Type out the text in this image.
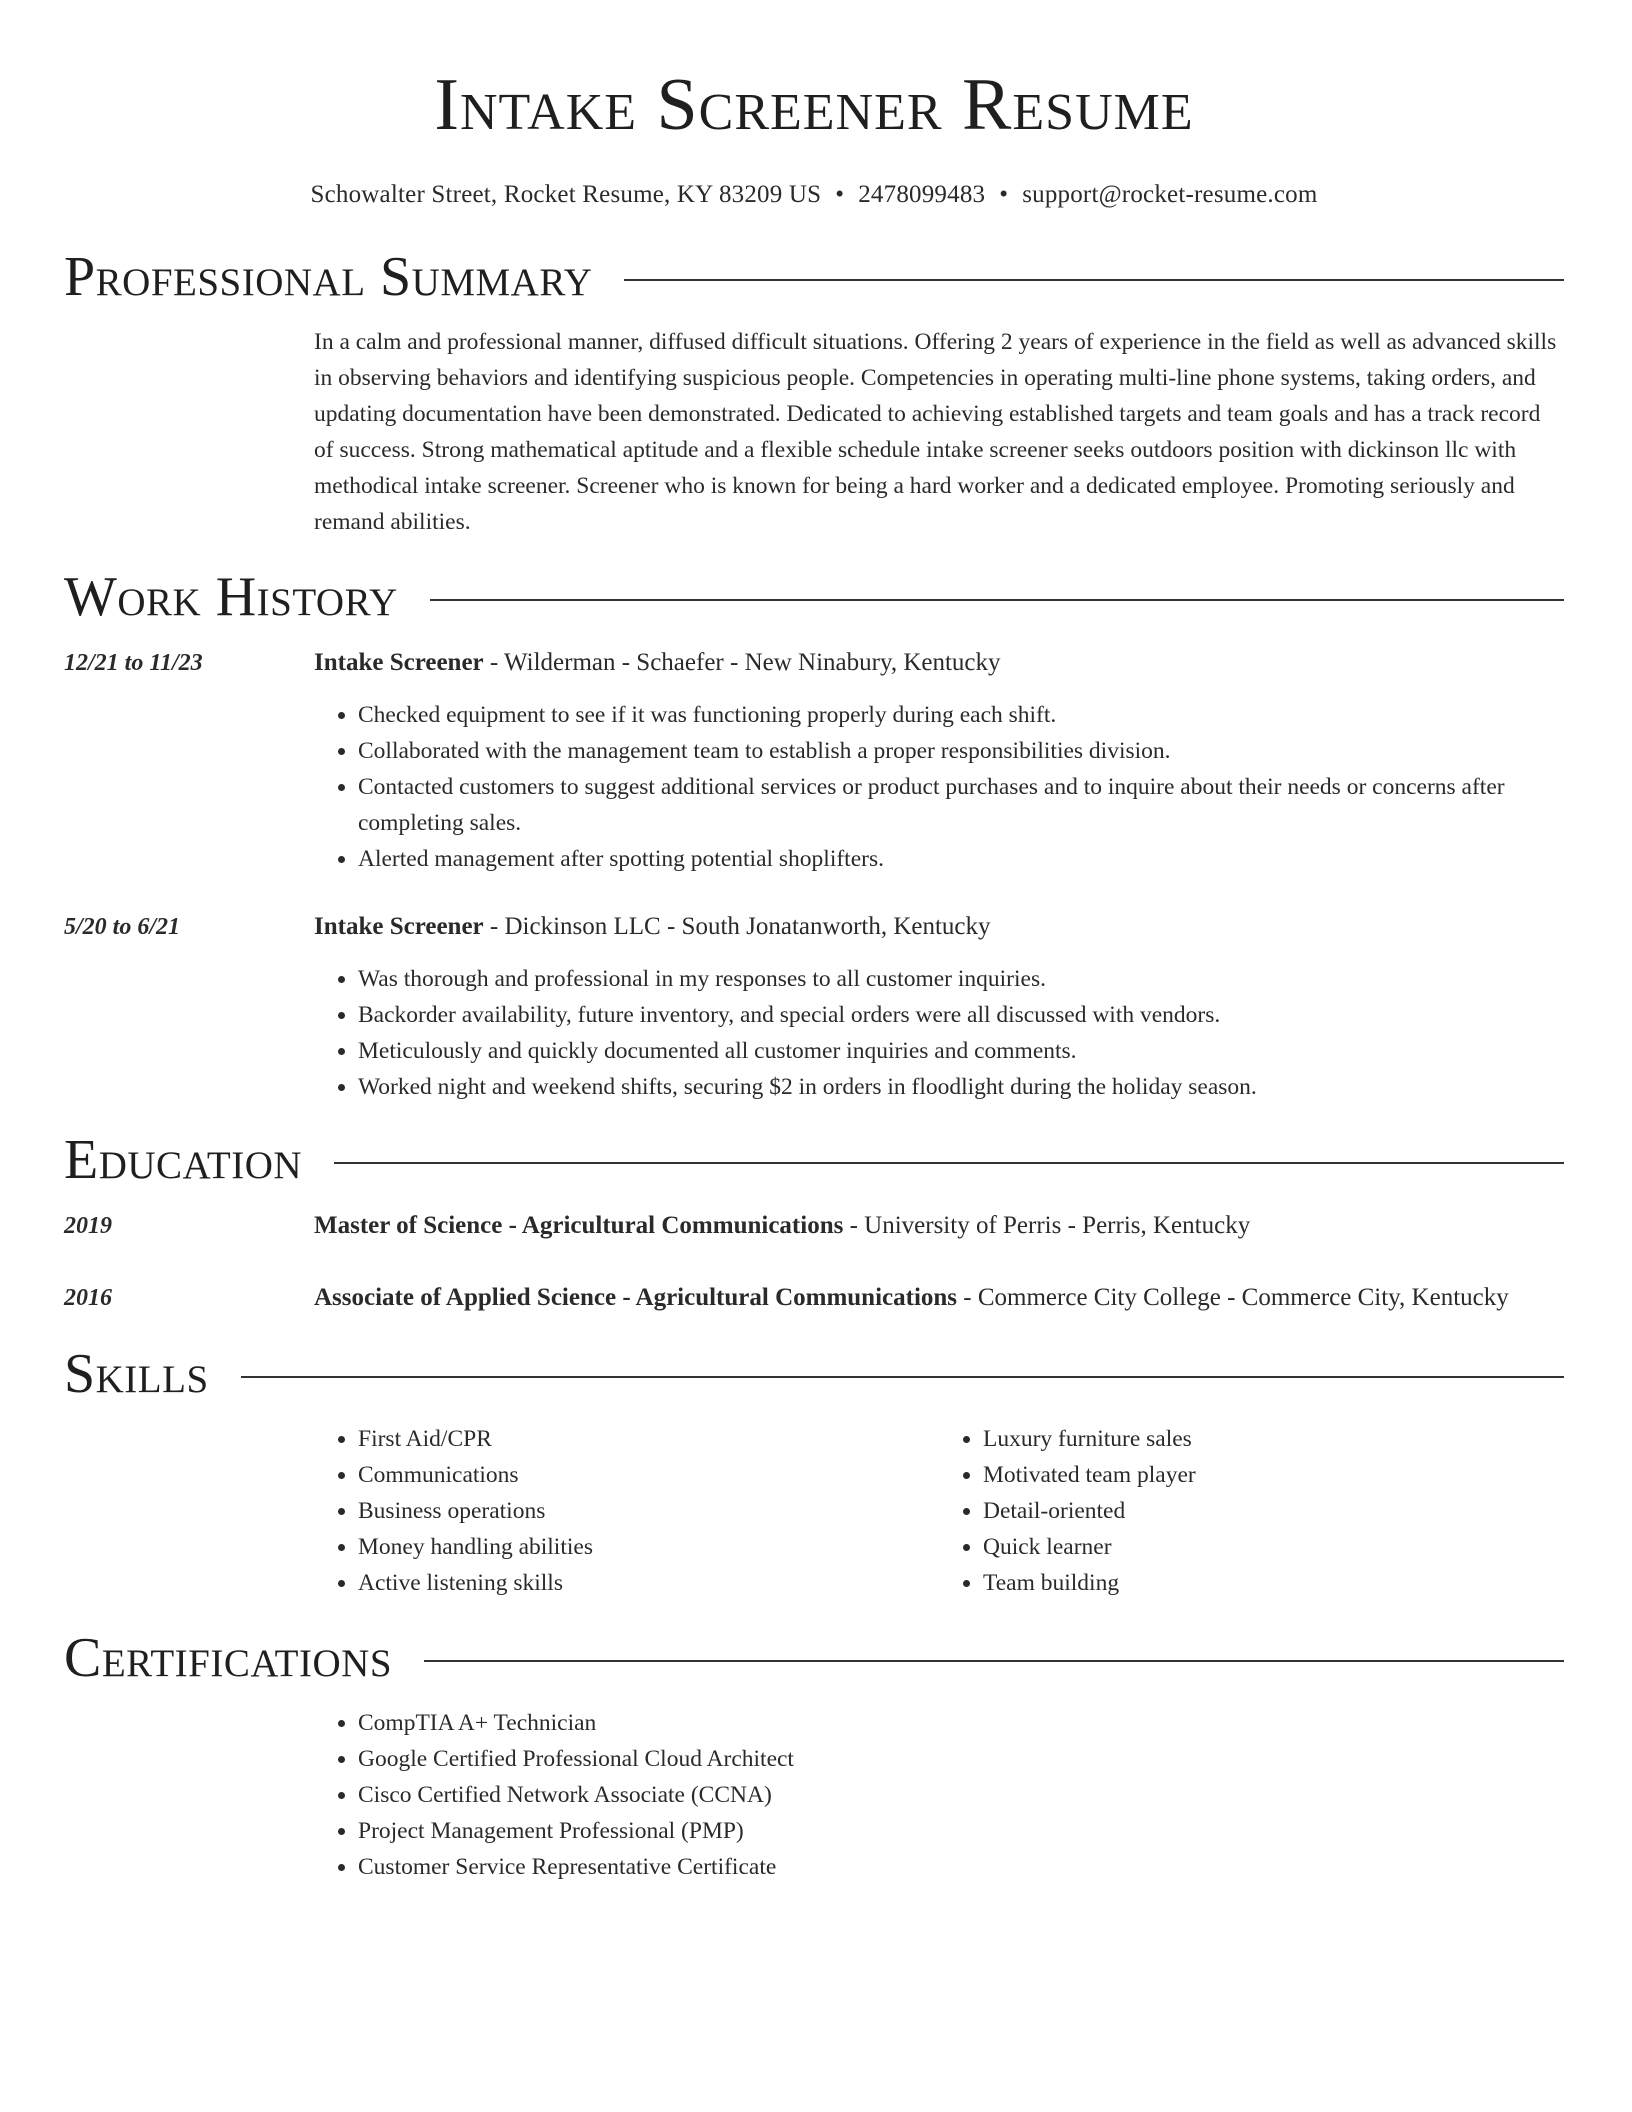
Intake Screener Resume
Schowalter Street, Rocket Resume, KY 83209 US • 2478099483 • support@rocket-resume.com
Professional Summary
In a calm and professional manner, diffused difficult situations. Offering 2 years of experience in the field as well as advanced skills in observing behaviors and identifying suspicious people. Competencies in operating multi-line phone systems, taking orders, and updating documentation have been demonstrated. Dedicated to achieving established targets and team goals and has a track record of success. Strong mathematical aptitude and a flexible schedule intake screener seeks outdoors position with dickinson llc with methodical intake screener. Screener who is known for being a hard worker and a dedicated employee. Promoting seriously and remand abilities.
Work History
12/21 to 11/23	Intake Screener - Wilderman - Schaefer - New Ninabury, Kentucky
• Checked equipment to see if it was functioning properly during each shift.
• Collaborated with the management team to establish a proper responsibilities division.
• Contacted customers to suggest additional services or product purchases and to inquire about their needs or concerns after completing sales.
• Alerted management after spotting potential shoplifters.
5/20 to 6/21	Intake Screener - Dickinson LLC - South Jonatanworth, Kentucky
• Was thorough and professional in my responses to all customer inquiries.
• Backorder availability, future inventory, and special orders were all discussed with vendors.
• Meticulously and quickly documented all customer inquiries and comments.
• Worked night and weekend shifts, securing $2 in orders in floodlight during the holiday season.
Education
2019	Master of Science - Agricultural Communications - University of Perris - Perris, Kentucky
2016	Associate of Applied Science - Agricultural Communications - Commerce City College - Commerce City, Kentucky
Skills
• First Aid/CPR
• Communications
• Business operations
• Money handling abilities
• Active listening skills
• Luxury furniture sales
• Motivated team player
• Detail-oriented
• Quick learner
• Team building
Certifications
• CompTIA A+ Technician
• Google Certified Professional Cloud Architect
• Cisco Certified Network Associate (CCNA)
• Project Management Professional (PMP)
• Customer Service Representative Certificate
